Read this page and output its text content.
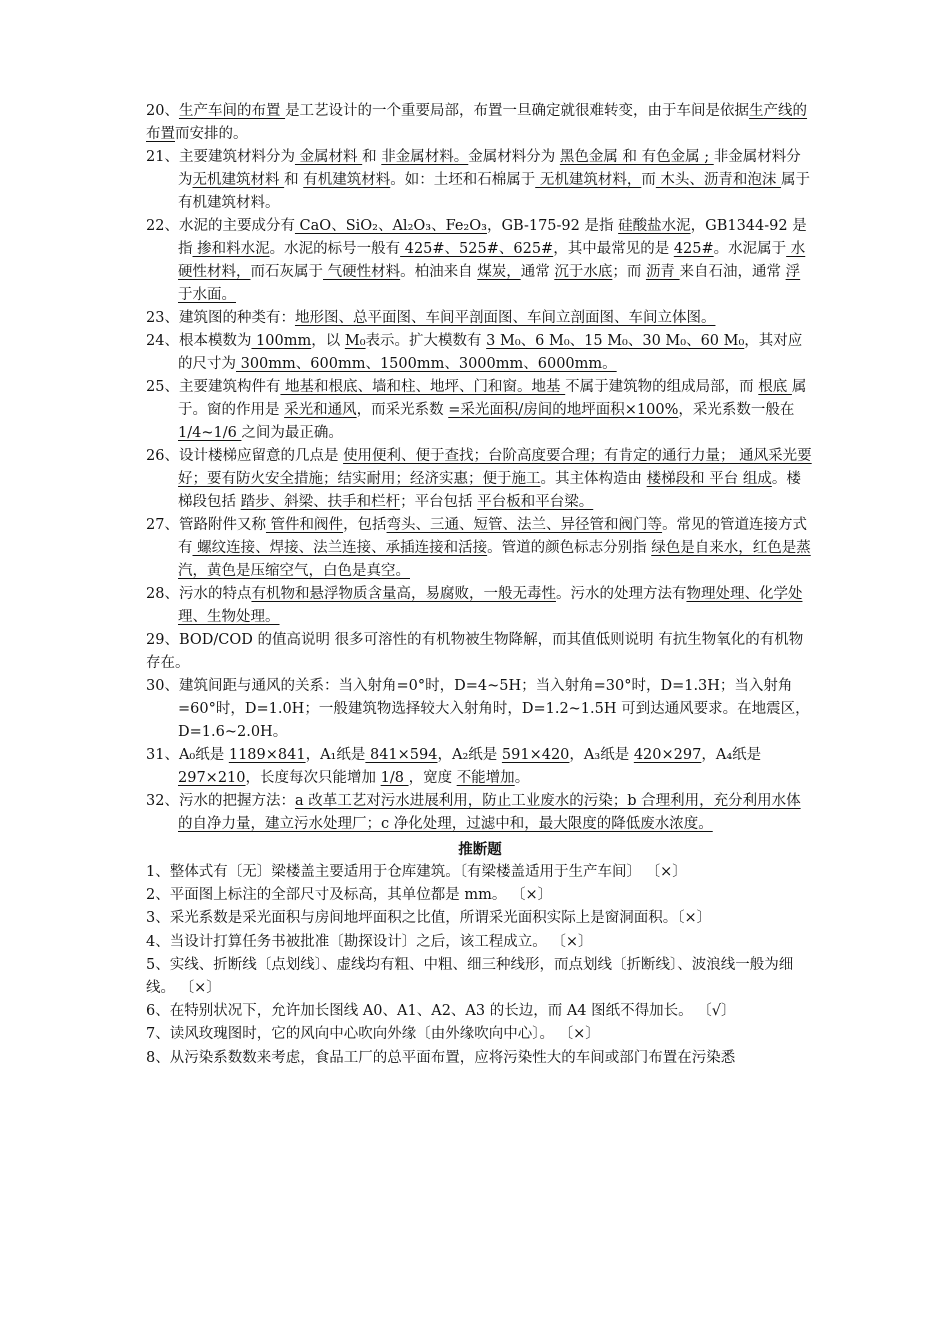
20、生产车间的布置 是工艺设计的一个重要局部，布置一旦确定就很难转变，由于车间是依据生产线的布置而安排的。

21、主要建筑材料分为 金属材料 和 非金属材料。金属材料分为 黑色金属 和 有色金属 ; 非金属材料分为无机建筑材料 和 有机建筑材料。如：土坯和石棉属于 无机建筑材料，而 木头、沥青和泡沫 属于有机建筑材料。

22、水泥的主要成分有 CaO、SiO₂、Al₂O₃、Fe₂O₃，GB-175-92 是指 硅酸盐水泥，GB1344-92 是指 掺和料水泥。水泥的标号一般有 425#、525#、625#，其中最常见的是 425#。水泥属于 水硬性材料，而石灰属于 气硬性材料。柏油来自 煤炭，通常 沉于水底；而 沥青 来自石油，通常 浮于水面。

23、建筑图的种类有：地形图、总平面图、车间平剖面图、车间立剖面图、车间立体图。

24、根本模数为 100mm，以 M₀表示。扩大模数有 3 M₀、6 M₀、15 M₀、30 M₀、60 M₀，其对应的尺寸为 300mm、600mm、1500mm、3000mm、6000mm。

25、主要建筑构件有 地基和根底、墙和柱、地坪、门和窗。地基 不属于建筑物的组成局部，而 根底 属于。窗的作用是 采光和通风，而采光系数 =采光面积/房间的地坪面积×100%，采光系数一般在 1/4~1/6 之间为最正确。

26、设计楼梯应留意的几点是 使用便利、便于查找；台阶高度要合理；有肯定的通行力量； 通风采光要好；要有防火安全措施；结实耐用；经济实惠；便于施工。其主体构造由 楼梯段和 平台 组成。楼梯段包括 踏步、斜梁、扶手和栏杆；平台包括 平台板和平台梁。

27、管路附件又称 管件和阀件，包括弯头、三通、短管、法兰、异径管和阀门等。常见的管道连接方式有 螺纹连接、焊接、法兰连接、承插连接和活接。管道的颜色标志分别指 绿色是自来水，红色是蒸汽，黄色是压缩空气，白色是真空。

28、污水的特点有机物和悬浮物质含量高，易腐败，一般无毒性。污水的处理方法有物理处理、化学处理、生物处理。

29、BOD/COD 的值高说明 很多可溶性的有机物被生物降解，而其值低则说明 有抗生物氧化的有机物存在。

30、建筑间距与通风的关系：当入射角=0°时，D=4~5H；当入射角=30°时，D=1.3H；当入射角=60°时，D=1.0H；一般建筑物选择较大入射角时，D=1.2~1.5H 可到达通风要求。在地震区，D=1.6~2.0H。

31、A₀纸是 1189×841，A₁纸是 841×594，A₂纸是 591×420，A₃纸是 420×297，A₄纸是 297×210，长度每次只能增加 1/8 ，宽度 不能增加。

32、污水的把握方法：a 改革工艺对污水进展利用，防止工业废水的污染；b 合理利用，充分利用水体的自净力量，建立污水处理厂；c 净化处理，过滤中和，最大限度的降低废水浓度。

推断题

1、整体式有〔无〕梁楼盖主要适用于仓库建筑。〔有梁楼盖适用于生产车间〕 〔×〕

2、平面图上标注的全部尺寸及标高，其单位都是 mm。 〔×〕

3、采光系数是采光面积与房间地坪面积之比值，所谓采光面积实际上是窗洞面积。〔×〕

4、当设计打算任务书被批准〔勘探设计〕之后，该工程成立。 〔×〕

5、实线、折断线〔点划线〕、虚线均有粗、中粗、细三种线形，而点划线〔折断线〕、波浪线一般为细线。 〔×〕

6、在特别状况下，允许加长图线 A0、A1、A2、A3 的长边，而 A4 图纸不得加长。 〔√〕

7、读风玫瑰图时，它的风向中心吹向外缘〔由外缘吹向中心〕。 〔×〕

8、从污染系数数来考虑，食品工厂的总平面布置，应将污染性大的车间或部门布置在污染悉
